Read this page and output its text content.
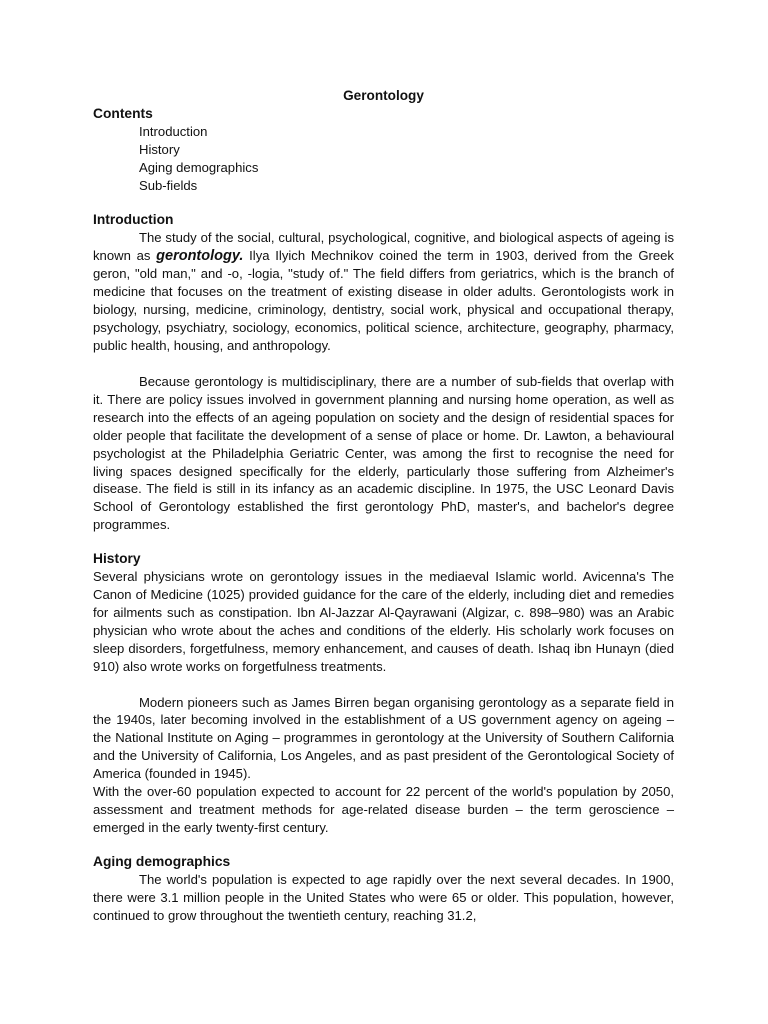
Gerontology
Contents
Introduction
History
Aging demographics
Sub-fields
Introduction

The study of the social, cultural, psychological, cognitive, and biological aspects of ageing is known as gerontology. Ilya Ilyich Mechnikov coined the term in 1903, derived from the Greek geron, "old man," and -o, -logia, "study of." The field differs from geriatrics, which is the branch of medicine that focuses on the treatment of existing disease in older adults. Gerontologists work in biology, nursing, medicine, criminology, dentistry, social work, physical and occupational therapy, psychology, psychiatry, sociology, economics, political science, architecture, geography, pharmacy, public health, housing, and anthropology.

Because gerontology is multidisciplinary, there are a number of sub-fields that overlap with it. There are policy issues involved in government planning and nursing home operation, as well as research into the effects of an ageing population on society and the design of residential spaces for older people that facilitate the development of a sense of place or home. Dr. Lawton, a behavioural psychologist at the Philadelphia Geriatric Center, was among the first to recognise the need for living spaces designed specifically for the elderly, particularly those suffering from Alzheimer's disease. The field is still in its infancy as an academic discipline. In 1975, the USC Leonard Davis School of Gerontology established the first gerontology PhD, master's, and bachelor's degree programmes.

History

Several physicians wrote on gerontology issues in the mediaeval Islamic world. Avicenna's The Canon of Medicine (1025) provided guidance for the care of the elderly, including diet and remedies for ailments such as constipation. Ibn Al-Jazzar Al-Qayrawani (Algizar, c. 898–980) was an Arabic physician who wrote about the aches and conditions of the elderly. His scholarly work focuses on sleep disorders, forgetfulness, memory enhancement, and causes of death. Ishaq ibn Hunayn (died 910) also wrote works on forgetfulness treatments.

Modern pioneers such as James Birren began organising gerontology as a separate field in the 1940s, later becoming involved in the establishment of a US government agency on ageing – the National Institute on Aging – programmes in gerontology at the University of Southern California and the University of California, Los Angeles, and as past president of the Gerontological Society of America (founded in 1945).

With the over-60 population expected to account for 22 percent of the world's population by 2050, assessment and treatment methods for age-related disease burden – the term geroscience – emerged in the early twenty-first century.

Aging demographics

The world's population is expected to age rapidly over the next several decades. In 1900, there were 3.1 million people in the United States who were 65 or older. This population, however, continued to grow throughout the twentieth century, reaching 31.2,
